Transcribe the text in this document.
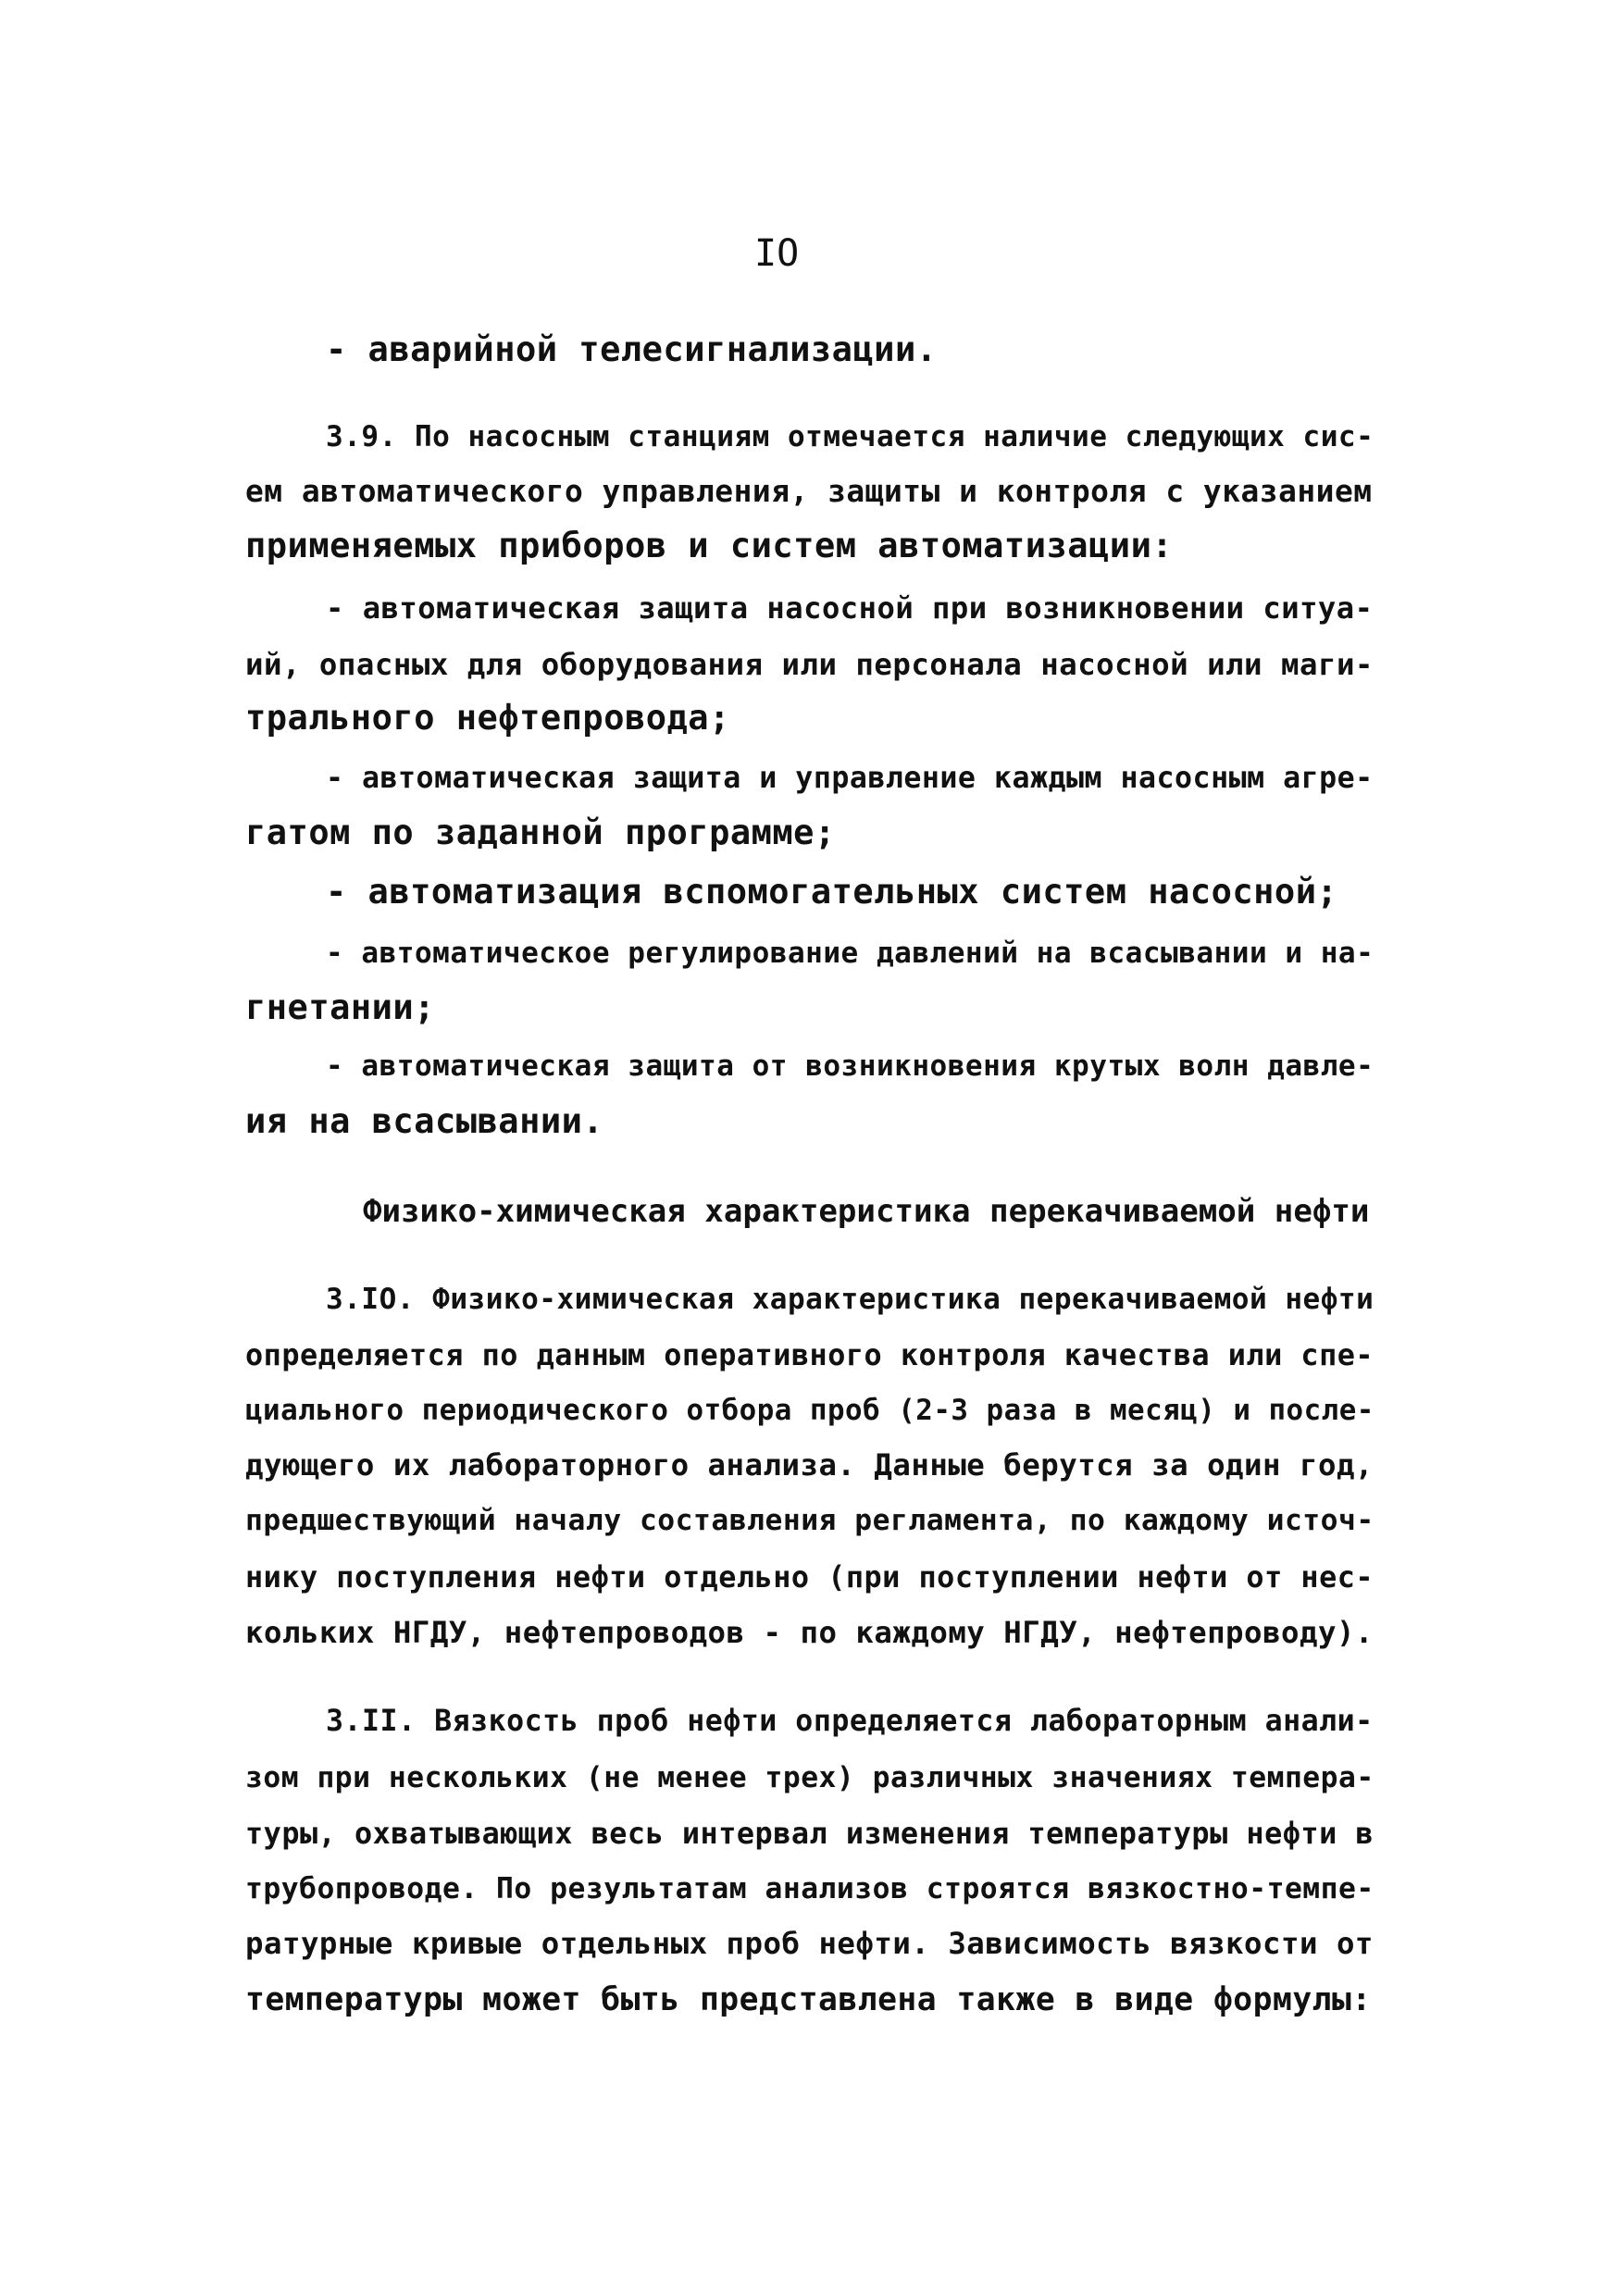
IO
- аварийной телесигнализации.
3.9. По насосным станциям отмечается наличие следующих сис-
ем автоматического управления, защиты и контроля с указанием
применяемых приборов и систем автоматизации:
- автоматическая защита насосной при возникновении ситуа-
ий, опасных для оборудования или персонала насосной или маги-
трального нефтепровода;
- автоматическая защита и управление каждым насосным агре-
гатом по заданной программе;
- автоматизация вспомогательных систем насосной;
- автоматическое регулирование давлений на всасывании и на-
гнетании;
- автоматическая защита от возникновения крутых волн давле-
ия на всасывании.
Физико-химическая характеристика перекачиваемой нефти
3.IO. Физико-химическая характеристика перекачиваемой нефти
определяется по данным оперативного контроля качества или спе-
циального периодического отбора проб (2-3 раза в месяц) и после-
дующего их лабораторного анализа. Данные берутся за один год,
предшествующий началу составления регламента, по каждому источ-
нику поступления нефти отдельно (при поступлении нефти от нес-
кольких НГДУ, нефтепроводов - по каждому НГДУ, нефтепроводу).
3.II. Вязкость проб нефти определяется лабораторным анали-
зом при нескольких (не менее трех) различных значениях темпера-
туры, охватывающих весь интервал изменения температуры нефти в
трубопроводе. По результатам анализов строятся вязкостно-темпе-
ратурные кривые отдельных проб нефти. Зависимость вязкости от
температуры может быть представлена также в виде формулы:
